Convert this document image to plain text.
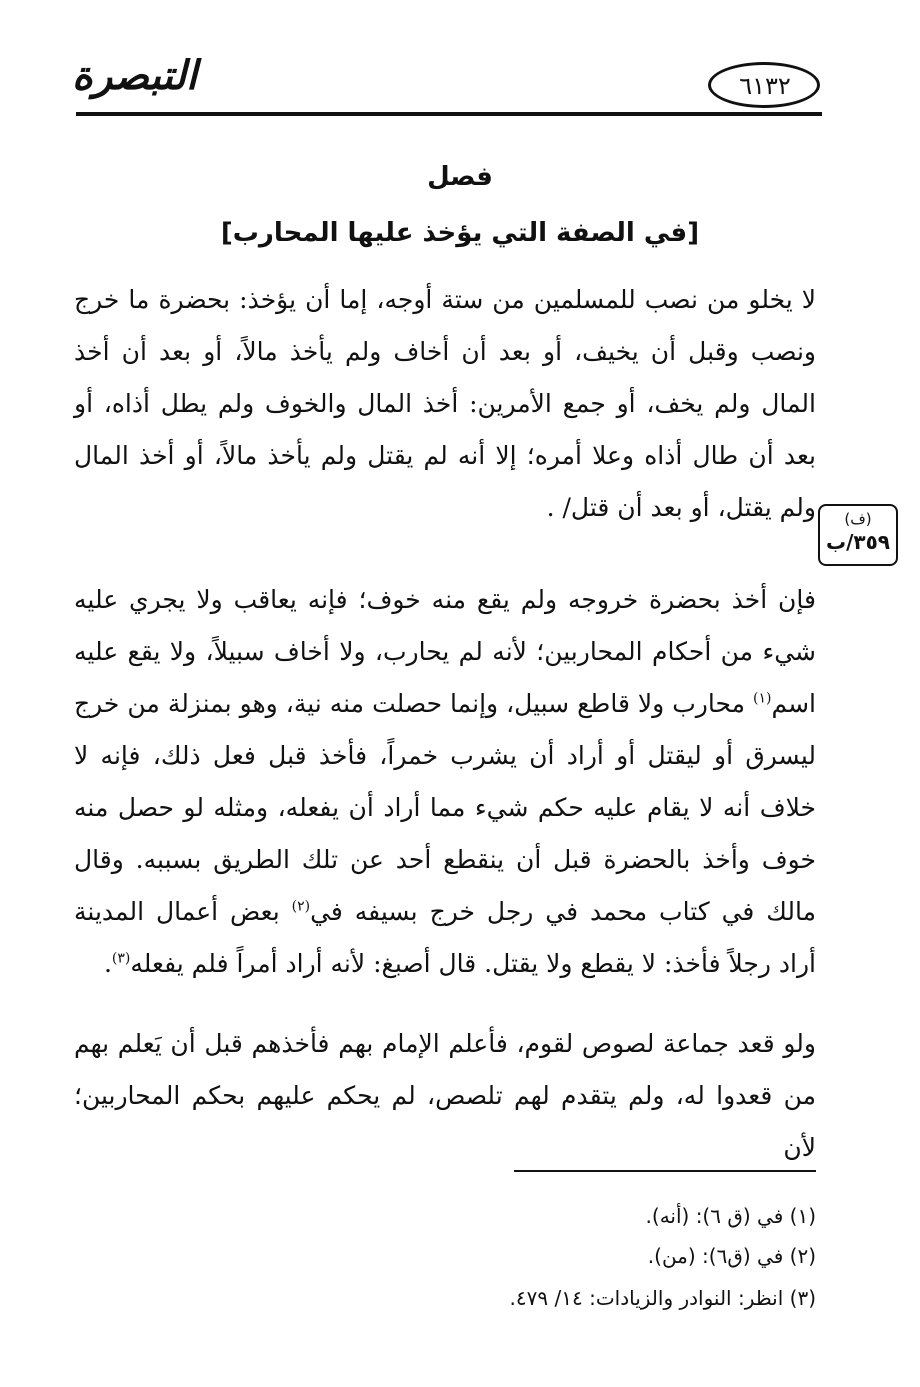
التبصرة	٦١٣٢
فصل
[في الصفة التي يؤخذ عليها المحارب]
لا يخلو من نصب للمسلمين من ستة أوجه، إما أن يؤخذ: بحضرة ما خرج ونصب وقبل أن يخيف، أو بعد أن أخاف ولم يأخذ مالاً، أو بعد أن أخذ المال ولم يخف، أو جمع الأمرين: أخذ المال والخوف ولم يطل أذاه، أو بعد أن طال أذاه وعلا أمره؛ إلا أنه لم يقتل ولم يأخذ مالاً، أو أخذ المال ولم يقتل، أو بعد أن قتل/ .	(ف)
٣٥٩/ب
فإن أخذ بحضرة خروجه ولم يقع منه خوف؛ فإنه يعاقب ولا يجري عليه شيء من أحكام المحاربين؛ لأنه لم يحارب، ولا أخاف سبيلاً، ولا يقع عليه اسم$^{(١)}$ محارب ولا قاطع سبيل، وإنما حصلت منه نية، وهو بمنزلة من خرج ليسرق أو ليقتل أو أراد أن يشرب خمراً، فأخذ قبل فعل ذلك، فإنه لا خلاف أنه لا يقام عليه حكم شيء مما أراد أن يفعله، ومثله لو حصل منه خوف وأخذ بالحضرة قبل أن ينقطع أحد عن تلك الطريق بسببه. وقال مالك في كتاب محمد في رجل خرج بسيفه في$^{(٢)}$ بعض أعمال المدينة أراد رجلاً فأخذ: لا يقطع ولا يقتل. قال أصبغ: لأنه أراد أمراً فلم يفعله$^{(٣)}$.
ولو قعد جماعة لصوص لقوم، فأعلم الإمام بهم فأخذهم قبل أن يَعلم بهم من قعدوا له، ولم يتقدم لهم تلصص، لم يحكم عليهم بحكم المحاربين؛ لأن
(١) في (ق ٦): (أنه).
(٢) في (ق٦): (من).
(٣) انظر: النوادر والزيادات: ١٤/ ٤٧٩.
